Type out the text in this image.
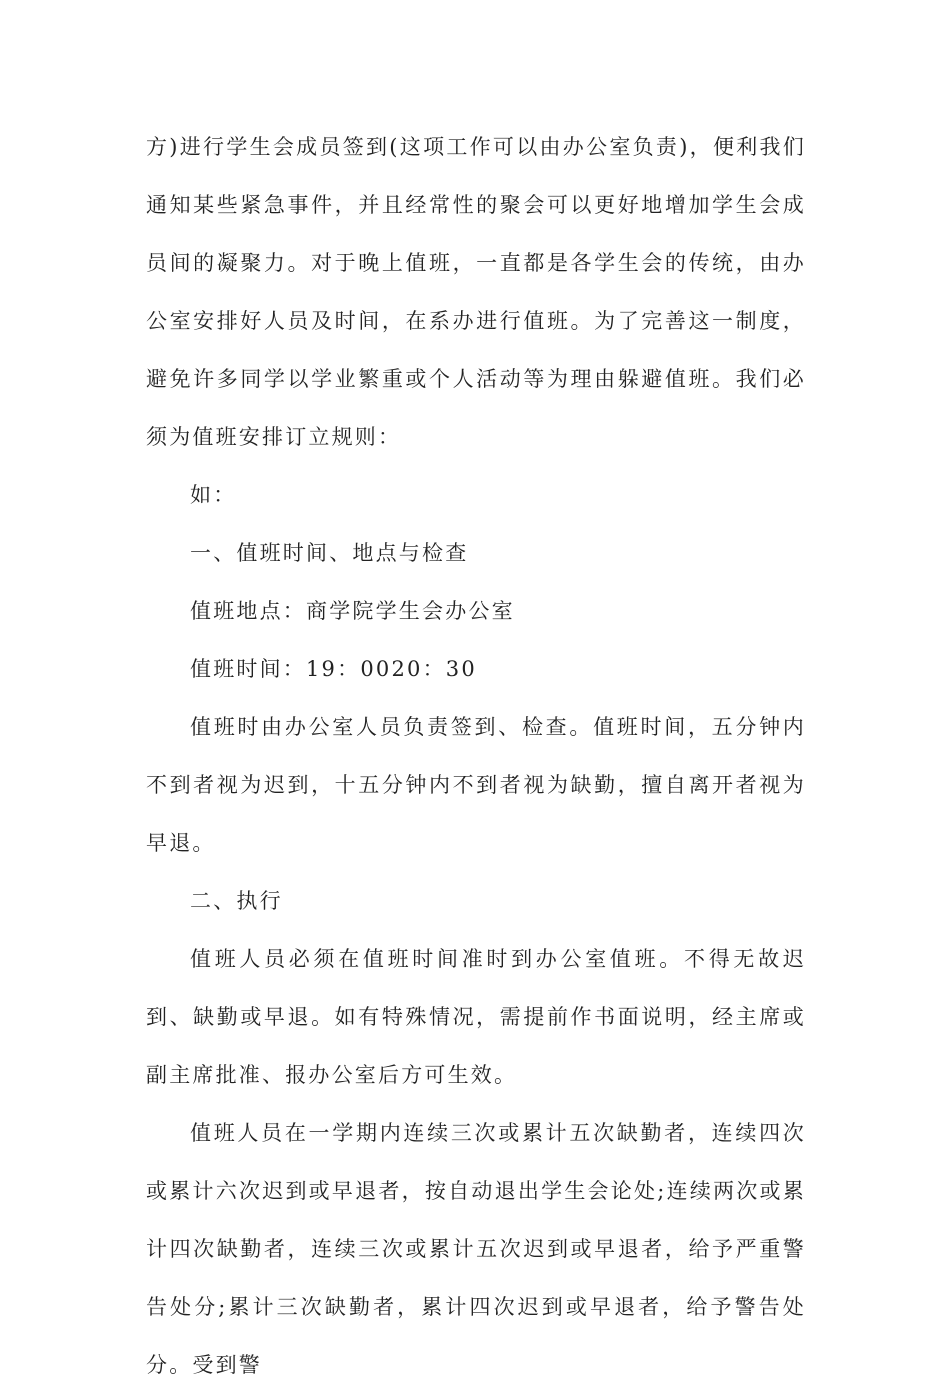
方)进行学生会成员签到(这项工作可以由办公室负责)，便利我们通知某些紧急事件，并且经常性的聚会可以更好地增加学生会成员间的凝聚力。对于晚上值班，一直都是各学生会的传统，由办公室安排好人员及时间，在系办进行值班。为了完善这一制度，避免许多同学以学业繁重或个人活动等为理由躲避值班。我们必须为值班安排订立规则：

如：

一、值班时间、地点与检查

值班地点：商学院学生会办公室

值班时间：19：0020：30

值班时由办公室人员负责签到、检查。值班时间，五分钟内不到者视为迟到，十五分钟内不到者视为缺勤，擅自离开者视为早退。

二、执行

值班人员必须在值班时间准时到办公室值班。不得无故迟到、缺勤或早退。如有特殊情况，需提前作书面说明，经主席或副主席批准、报办公室后方可生效。

值班人员在一学期内连续三次或累计五次缺勤者，连续四次或累计六次迟到或早退者，按自动退出学生会论处;连续两次或累计四次缺勤者，连续三次或累计五次迟到或早退者，给予严重警告处分;累计三次缺勤者，累计四次迟到或早退者，给予警告处分。受到警
